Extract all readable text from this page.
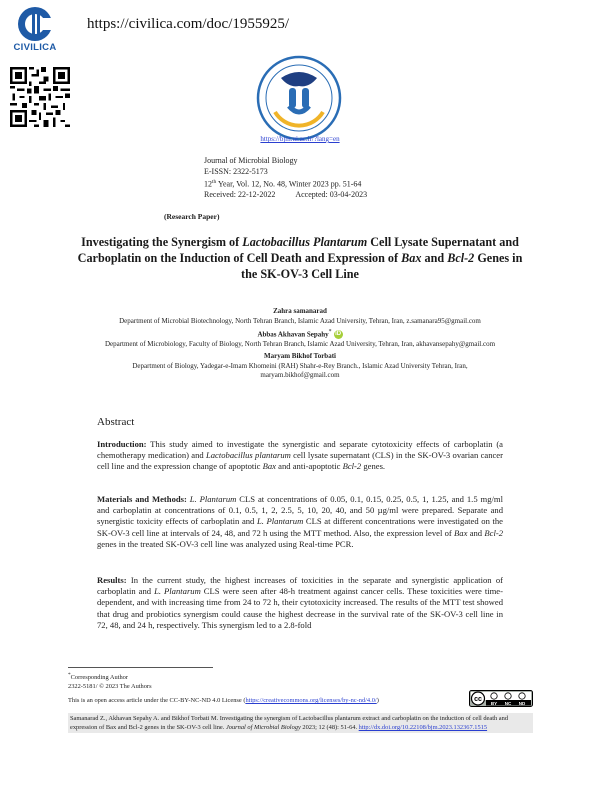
CIVILICA
https://civilica.com/doc/1955925/
https://bjm.ui.ac.ir/?lang=en
Journal of Microbial Biology
E-ISSN: 2322-5173
12th Year, Vol. 12, No. 48, Winter 2023 pp. 51-64
Received: 22-12-2022	Accepted: 03-04-2023
(Research Paper)
Investigating the Synergism of Lactobacillus Plantarum Cell Lysate Supernatant and Carboplatin on the Induction of Cell Death and Expression of Bax and Bcl-2 Genes in the SK-OV-3 Cell Line
Zahra samanarad
Department of Microbial Biotechnology, North Tehran Branch, Islamic Azad University, Tehran, Iran, z.samanara95@gmail.com
Abbas Akhavan Sepahy* iD
Department of Microbiology, Faculty of Biology, North Tehran Branch, Islamic Azad University, Tehran, Iran, akhavansepahy@gmail.com
Maryam Bikhof Torbati
Department of Biology, Yadegar-e-Imam Khomeini (RAH) Shahr-e-Rey Branch., Islamic Azad University Tehran, Iran,
maryam.bikhof@gmail.com
Abstract
Introduction: This study aimed to investigate the synergistic and separate cytotoxicity effects of carboplatin (a chemotherapy medication) and Lactobacillus plantarum cell lysate supernatant (CLS) in the SK-OV-3 ovarian cancer cell line and the expression change of apoptotic Bax and anti-apoptotic Bcl-2 genes.
Materials and Methods: L. Plantarum CLS at concentrations of 0.05, 0.1, 0.15, 0.25, 0.5, 1, 1.25, and 1.5 mg/ml and carboplatin at concentrations of 0.1, 0.5, 1, 2, 2.5, 5, 10, 20, 40, and 50 µg/ml were prepared. Separate and synergistic toxicity effects of carboplatin and L. Plantarum CLS at different concentrations were investigated on the SK-OV-3 cell line at intervals of 24, 48, and 72 h using the MTT method. Also, the expression level of Bax and Bcl-2 genes in the treated SK-OV-3 cell line was analyzed using Real-time PCR.
Results: In the current study, the highest increases of toxicities in the separate and synergistic application of carboplatin and L. Plantarum CLS were seen after 48-h treatment against cancer cells. These toxicities were time-dependent, and with increasing time from 24 to 72 h, their cytotoxicity increased. The results of the MTT test showed that drug and probiotics synergism could cause the highest decrease in the survival rate of the SK-OV-3 cell line in 72, 48, and 24 h, respectively. This synergism led to a 2.8-fold
*Corresponding Author
2322-5181/ © 2023 The Authors
This is an open access article under the CC-BY-NC-ND 4.0 License (https://creativecommons.org/licenses/by-nc-nd/4.0/)	cc
BY NC ND
Samanarad Z., Akhavan Sepahy A. and Bikhof Torbati M. Investigating the synergism of Lactobacillus plantarum extract and carboplatin on the induction of cell death and expression of Bax and Bcl-2 genes in the SK-OV-3 cell line. Journal of Microbial Biology 2023; 12 (48): 51-64. http://dx.doi.org/10.22108/bjm.2023.132367.1515
